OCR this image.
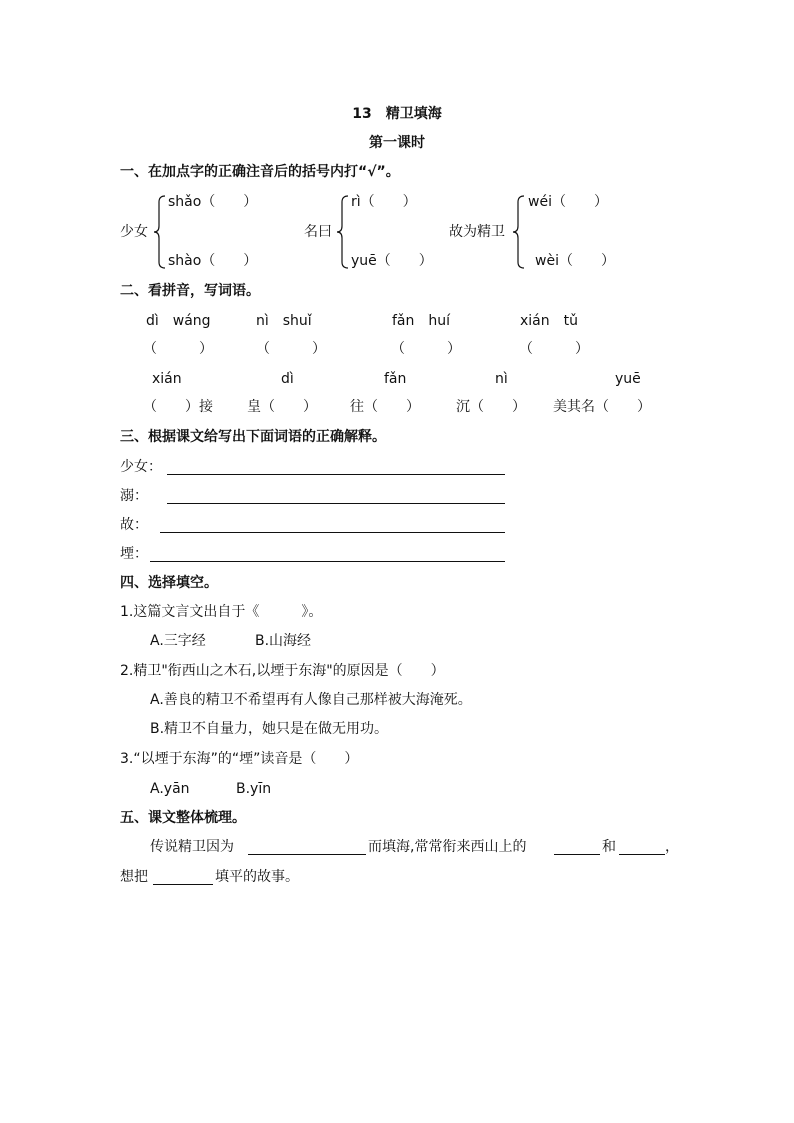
13　精卫填海
第一课时
一、在加点字的正确注音后的括号内打“√”。
少女
shǎo（　　）
shào（　　）
名曰
rì（　　）
yuē（　　）
故为精卫
wéi（　　）
wèi（　　）
二、看拼音，写词语。
dì　wáng	nì　shuǐ	fǎn　huí	xián　tǔ
（　　　）	（　　　）	（　　　）	（　　　）
xián	dì	fǎn	nì	yuē
（　　）接 皇（　　） 往（　　）	沉（　　） 美其名（　　）
三、根据课文给写出下面词语的正确解释。
少女：
溺：
故：
堙：
四、选择填空。
1.这篇文言文出自于《　　　》。
A.三字经	B.山海经
2.精卫"衔西山之木石,以堙于东海"的原因是（　　）
A.善良的精卫不希望再有人像自己那样被大海淹死。
B.精卫不自量力，她只是在做无用功。
3.“以堙于东海”的“堙”读音是（　　）
A.yān	B.yīn
五、课文整体梳理。
传说精卫因为	而填海,常常衔来西山上的	和	，
想把	填平的故事。
